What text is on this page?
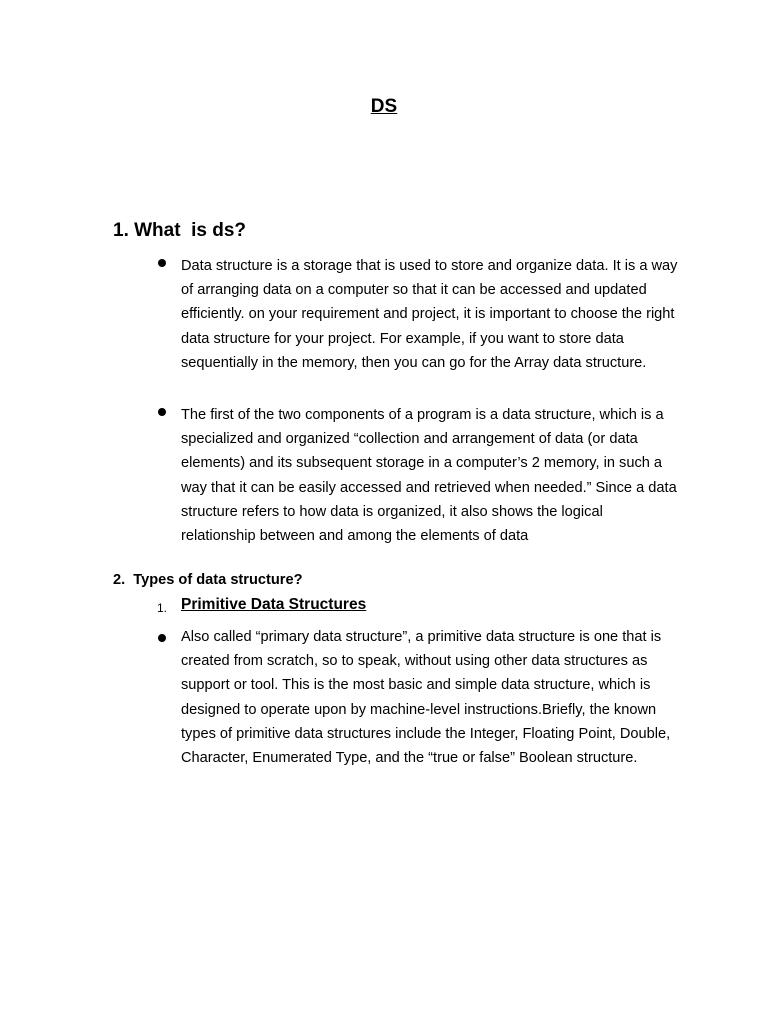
DS
1. What  is ds?

Data structure is a storage that is used to store and organize data. It is a way of arranging data on a computer so that it can be accessed and updated efficiently. on your requirement and project, it is important to choose the right data structure for your project. For example, if you want to store data sequentially in the memory, then you can go for the Array data structure.

The first of the two components of a program is a data structure, which is a specialized and organized “collection and arrangement of data (or data elements) and its subsequent storage in a computer’s 2 memory, in such a way that it can be easily accessed and retrieved when needed.” Since a data structure refers to how data is organized, it also shows the logical relationship between and among the elements of data

2.  Types of data structure?
1. Primitive Data Structures

Also called “primary data structure”, a primitive data structure is one that is created from scratch, so to speak, without using other data structures as support or tool. This is the most basic and simple data structure, which is designed to operate upon by machine-level instructions.Briefly, the known types of primitive data structures include the Integer, Floating Point, Double, Character, Enumerated Type, and the “true or false” Boolean structure.
